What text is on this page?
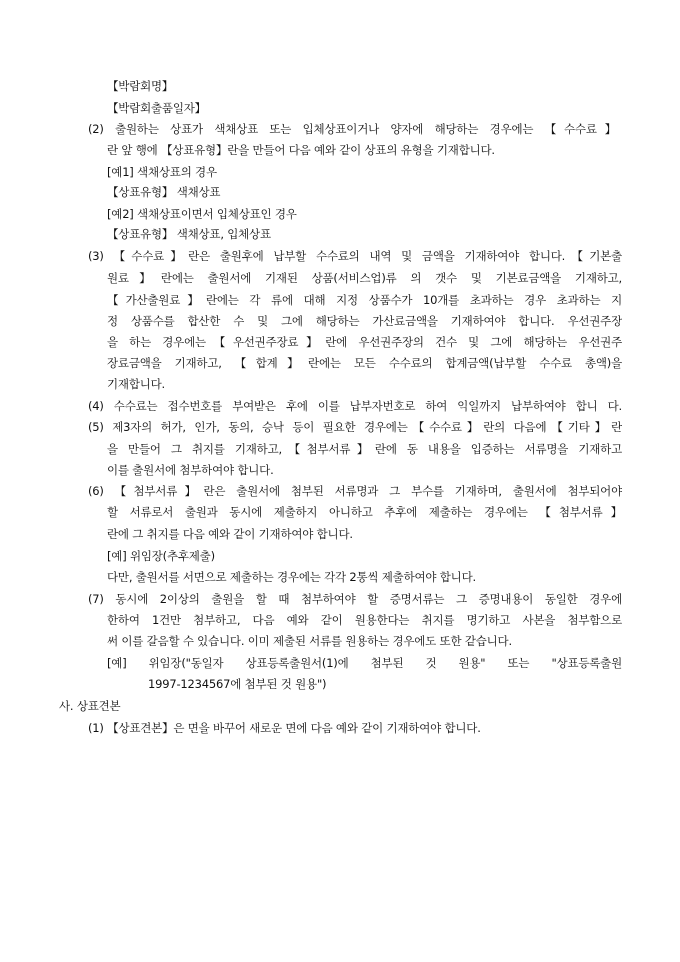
【박람회명】
【박람회출품일자】
(2) 출원하는 상표가 색채상표 또는 입체상표이거나 양자에 해당하는 경우에는 【수수료】
란 앞 행에 【상표유형】란을 만들어 다음 예와 같이 상표의 유형을 기재합니다.
[예1] 색채상표의 경우
【상표유형】 색채상표
[예2] 색채상표이면서 입체상표인 경우
【상표유형】 색채상표, 입체상표
(3) 【수수료】란은 출원후에 납부할 수수료의 내역 및 금액을 기재하여야 합니다.【기본출
원료】란에는 출원서에 기재된 상품(서비스업)류 의 갯수 및 기본료금액을 기재하고,
【가산출원료】란에는 각 류에 대해 지정 상품수가 10개를 초과하는 경우 초과하는 지
정 상품수를 합산한 수 및 그에 해당하는 가산료금액을 기재하여야 합니다. 우선권주장
을 하는 경우에는【우선권주장료】란에 우선권주장의 건수 및 그에 해당하는 우선권주
장료금액을 기재하고, 【합계】란에는 모든 수수료의 합계금액(납부할 수수료 총액)을
기재합니다.
(4) 수수료는 접수번호를 부여받은 후에 이를 납부자번호로 하여 익일까지 납부하여야 합니 다.
(5) 제3자의 허가, 인가, 동의, 승낙 등이 필요한 경우에는【수수료】란의 다음에【기타】란
을 만들어 그 취지를 기재하고,【첨부서류】란에 동 내용을 입증하는 서류명을 기재하고
이를 출원서에 첨부하여야 합니다.
(6) 【첨부서류】란은 출원서에 첨부된 서류명과 그 부수를 기재하며, 출원서에 첨부되어야
할 서류로서 출원과 동시에 제출하지 아니하고 추후에 제출하는 경우에는 【첨부서류】
란에 그 취지를 다음 예와 같이 기재하여야 합니다.
[예] 위임장(추후제출)
다만, 출원서를 서면으로 제출하는 경우에는 각각 2통씩 제출하여야 합니다.
(7) 동시에 2이상의 출원을 할 때 첨부하여야 할 증명서류는 그 증명내용이 동일한 경우에
한하여 1건만 첨부하고, 다음 예와 같이 원용한다는 취지를 명기하고 사본을 첨부함으로
써 이를 갈음할 수 있습니다. 이미 제출된 서류를 원용하는 경우에도 또한 같습니다.
[예] 위임장("동일자 상표등록출원서(1)에 첨부된 것 원용" 또는 "상표등록출원
1997-1234567에 첨부된 것 원용")
사. 상표견본
(1) 【상표견본】은 면을 바꾸어 새로운 면에 다음 예와 같이 기재하여야 합니다.
